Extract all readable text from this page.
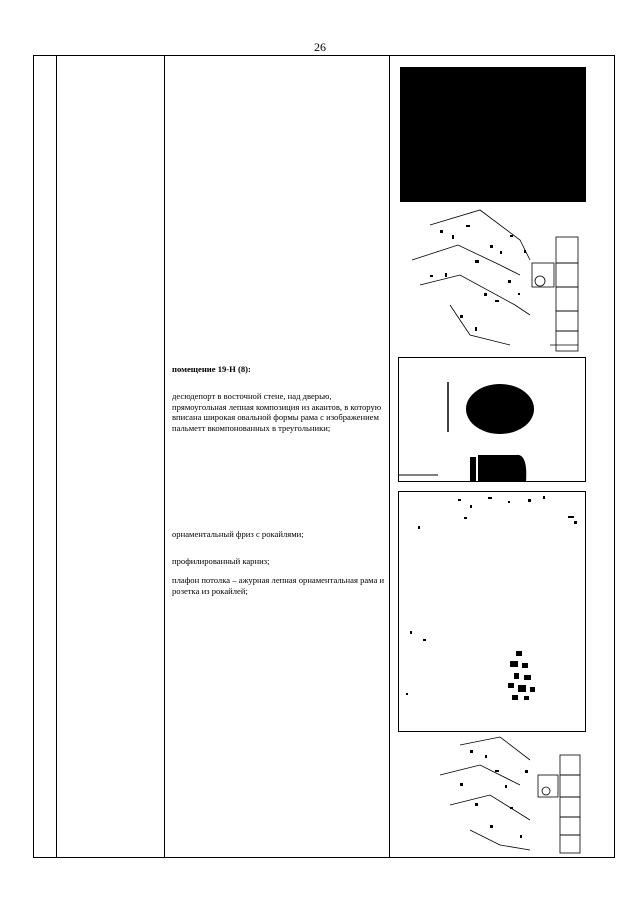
26
помещение 19-Н (8):
десюдепорт в восточной стене, над дверью, прямоугольная лепная композиция из акантов, в которую вписана широкая овальной формы рама с изображением пальметт вкомпонованных в треугольники;
орнаментальный фриз с рокайлями;
профилированный карниз;
плафон потолка – ажурная лепная орнаментальная рама и розетка из рокайлей;
